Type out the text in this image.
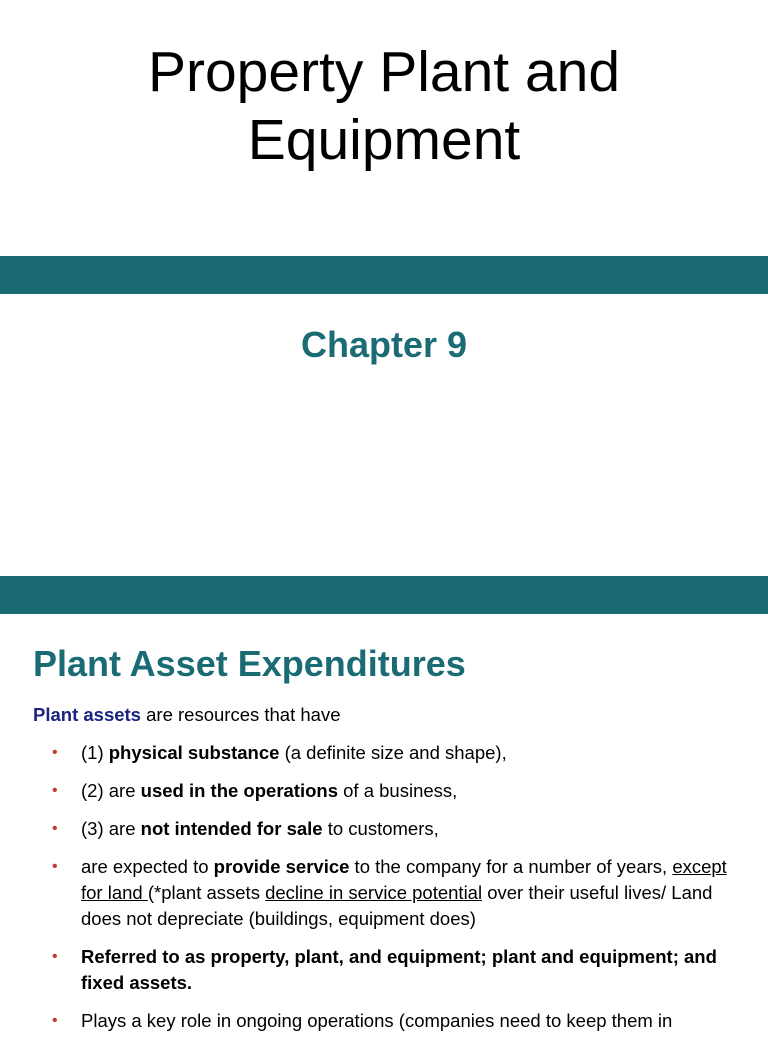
Property Plant and
Equipment
Chapter 9
Plant Asset Expenditures
Plant assets are resources that have
• (1) physical substance (a definite size and shape),
• (2) are used in the operations of a business,
• (3) are not intended for sale to customers,
• are expected to provide service to the company for a number of years, except for land (*plant assets decline in service potential over their useful lives/ Land does not depreciate (buildings, equipment does)
• Referred to as property, plant, and equipment; plant and equipment; and fixed assets.
• Plays a key role in ongoing operations (companies need to keep them in
